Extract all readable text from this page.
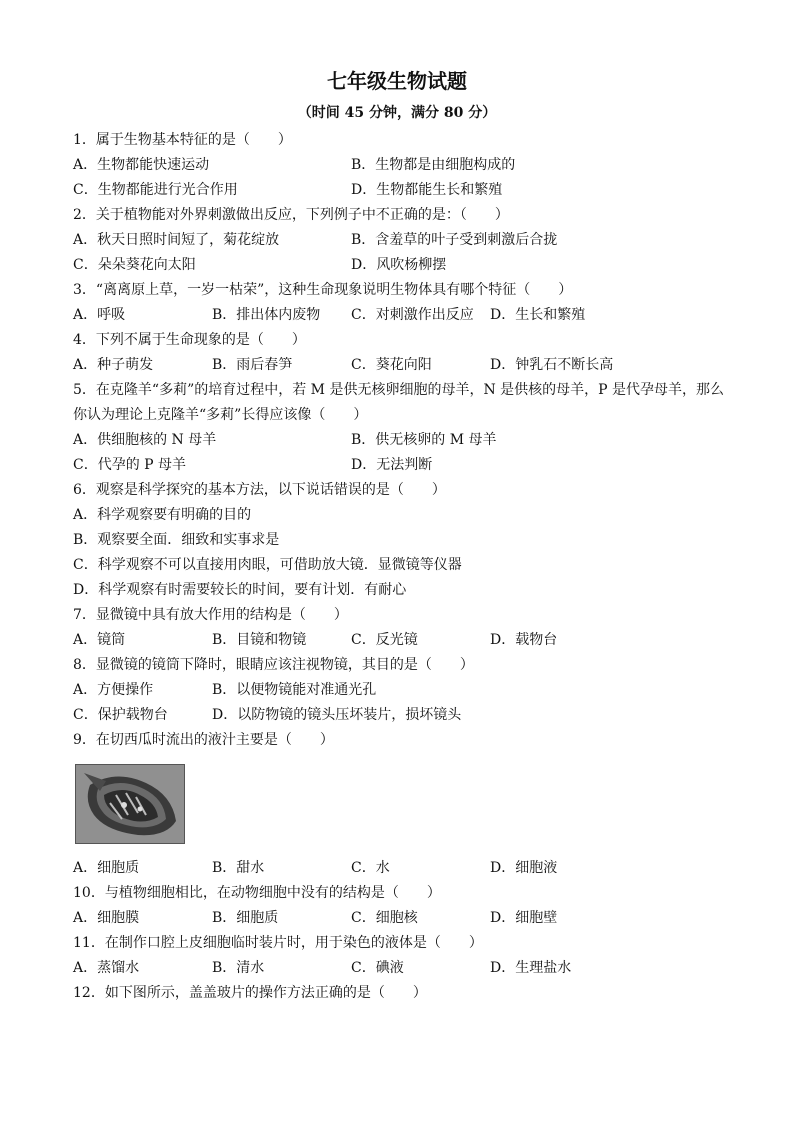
七年级生物试题
（时间 45 分钟，满分 80 分）
1．属于生物基本特征的是（　　）
A．生物都能快速运动	B．生物都是由细胞构成的
C．生物都能进行光合作用	D．生物都能生长和繁殖
2．关于植物能对外界刺激做出反应，下列例子中不正确的是：（　　）
A．秋天日照时间短了，菊花绽放	B．含羞草的叶子受到刺激后合拢
C．朵朵葵花向太阳	D．风吹杨柳摆
3．“离离原上草，一岁一枯荣”，这种生命现象说明生物体具有哪个特征（　　）
A．呼吸	B．排出体内废物 C．对刺激作出反应 D．生长和繁殖
4．下列不属于生命现象的是（　　）
A．种子萌发	B．雨后春笋	C．葵花向阳	D．钟乳石不断长高
5．在克隆羊“多莉”的培育过程中，若 M 是供无核卵细胞的母羊，N 是供核的母羊，P 是代孕母羊，那么
你认为理论上克隆羊“多莉”长得应该像（　　）
A．供细胞核的 N 母羊	B．供无核卵的 M 母羊
C．代孕的 P 母羊	D．无法判断
6．观察是科学探究的基本方法，以下说话错误的是（　　）
A．科学观察要有明确的目的
B．观察要全面．细致和实事求是
C．科学观察不可以直接用肉眼，可借助放大镜．显微镜等仪器
D．科学观察有时需要较长的时间，要有计划．有耐心
7．显微镜中具有放大作用的结构是（　　）
A．镜筒	B．目镜和物镜	C．反光镜	D．载物台
8．显微镜的镜筒下降时，眼睛应该注视物镜，其目的是（　　）
A．方便操作	B．以便物镜能对准通光孔
C．保护载物台	D．以防物镜的镜头压坏装片，损坏镜头
9．在切西瓜时流出的液汁主要是（　　）
A．细胞质	B．甜水	C．水	D．细胞液
10．与植物细胞相比，在动物细胞中没有的结构是（　　）
A．细胞膜	B．细胞质	C．细胞核	D．细胞壁
11．在制作口腔上皮细胞临时装片时，用于染色的液体是（　　）
A．蒸馏水	B．清水	C．碘液	D．生理盐水
12．如下图所示，盖盖玻片的操作方法正确的是（　　）
